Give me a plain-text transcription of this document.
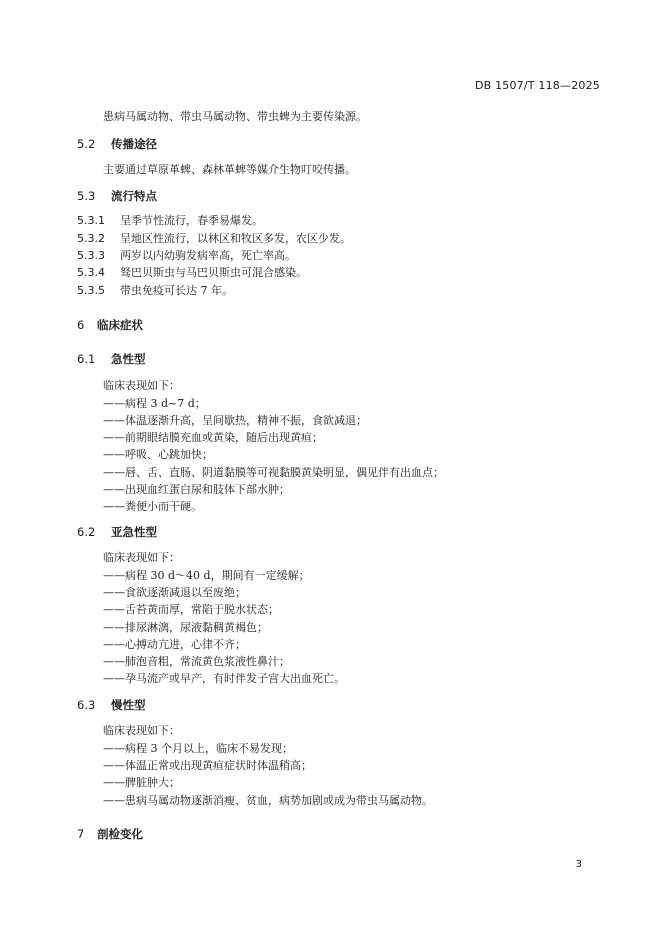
DB 1507/T 118—2025
患病马属动物、带虫马属动物、带虫蜱为主要传染源。
5.2 传播途径
主要通过草原革蜱、森林革蜱等媒介生物叮咬传播。
5.3 流行特点
5.3.1 呈季节性流行，春季易爆发。
5.3.2 呈地区性流行，以林区和牧区多发，农区少发。
5.3.3 两岁以内幼驹发病率高，死亡率高。
5.3.4 驽巴贝斯虫与马巴贝斯虫可混合感染。
5.3.5 带虫免疫可长达 7 年。
6 临床症状
6.1 急性型
临床表现如下：
——病程 3 d~7 d；
——体温逐渐升高，呈间歇热，精神不振，食欲减退；
——前期眼结膜充血或黄染，随后出现黄疸；
——呼吸、心跳加快；
——唇、舌、直肠、阴道黏膜等可视黏膜黄染明显，偶见伴有出血点；
——出现血红蛋白尿和肢体下部水肿；
——粪便小而干硬。
6.2 亚急性型
临床表现如下：
——病程 30 d～40 d，期间有一定缓解；
——食欲逐渐减退以至废绝；
——舌苔黄而厚，常陷于脱水状态；
——排尿淋漓，尿液黏稠黄褐色；
——心搏动亢进，心律不齐；
——肺泡音粗，常流黄色浆液性鼻汁；
——孕马流产或早产，有时伴发子宫大出血死亡。
6.3 慢性型
临床表现如下：
——病程 3 个月以上，临床不易发现；
——体温正常或出现黄疸症状时体温稍高；
——脾脏肿大；
——患病马属动物逐渐消瘦、贫血，病势加剧或成为带虫马属动物。
7 剖检变化
3
